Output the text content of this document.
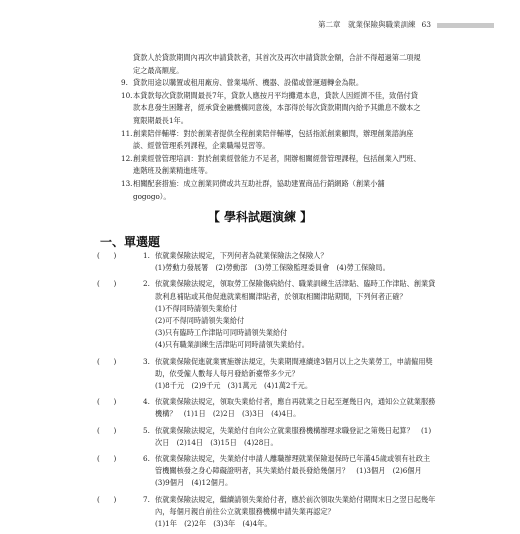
第二章　就業保險與職業訓練 63
貸款人於貸款期間內再次申請貸款者，其首次及再次申請貸款金額，合計不得超過第二項規定之最高額度。
9. 貸款用途以購置或租用廠房、營業場所、機器、設備或營運週轉金為限。
10. 本貸款每次貸款期間最長7年，貸款人應按月平均攤還本息，貸款人因經濟不佳，致借付貸款本息發生困難者，經承貸金融機構同意後，本部得於每次貸款期間內給予其繳息不繳本之寬限期最長1年。
11. 創業陪伴輔導：對於創業者提供全程創業陪伴輔導，包括指派創業顧問，辦理創業諮詢座談、經營管理系列課程，企業職場見習等。
12. 創業經營管理培訓：對於創業經營能力不足者，開辦相關經營管理課程，包括創業入門班、進階班及創業精進班等。
13. 相關配套措施：成立創業同儕或共互助社群，協助建置商品行銷網路（創業小舖gogogo）。
【 學科試題演練 】
一、單選題
(      )	1. 依就業保險法規定，下列何者為就業保險法之保險人？
(1)勞動力發展署　(2)勞動部　(3)勞工保險監理委員會　(4)勞工保險局。
(      )	2. 依就業保險法規定，領取勞工保險傷病給付、職業訓練生活津貼、臨時工作津貼、創業貸款利息補貼或其他促進就業相關津貼者，於領取相關津貼期間，下列何者正確？
(1)不得同時請領失業給付
(2)可不得同時請領失業給付
(3)只有臨時工作津貼可同時請領失業給付
(4)只有職業訓練生活津貼可同時請領失業給付。
(      )	3. 依就業保險促進就業實施辦法規定，失業期間連續達3個月以上之失業勞工，申請僱用獎助，依受僱人數每人每月發給新臺幣多少元？
(1)8千元　(2)9千元　(3)1萬元　(4)1萬2千元。
(      )	4. 依就業保險法規定，領取失業給付者，應自再就業之日起至遲幾日內，通知公立就業服務機構？　(1)1日　(2)2日　(3)3日　(4)4日。
(      )	5. 依就業保險法規定，失業給付自向公立就業服務機構辦理求職登記之第幾日起算？　(1)次日　(2)14日　(3)15日　(4)28日。
(      )	6. 依就業保險法規定，失業給付申請人離職辦理就業保險退保時已年滿45歲或領有社政主管機關核發之身心障礙證明者，其失業給付最長發給幾個月？　(1)3個月　(2)6個月　(3)9個月　(4)12個月。
(      )	7. 依就業保險法規定，繼續請領失業給付者，應於前次領取失業給付期間末日之翌日起幾年內，每個月親自前往公立就業服務機構申請失業再認定？
(1)1年　(2)2年　(3)3年　(4)4年。
